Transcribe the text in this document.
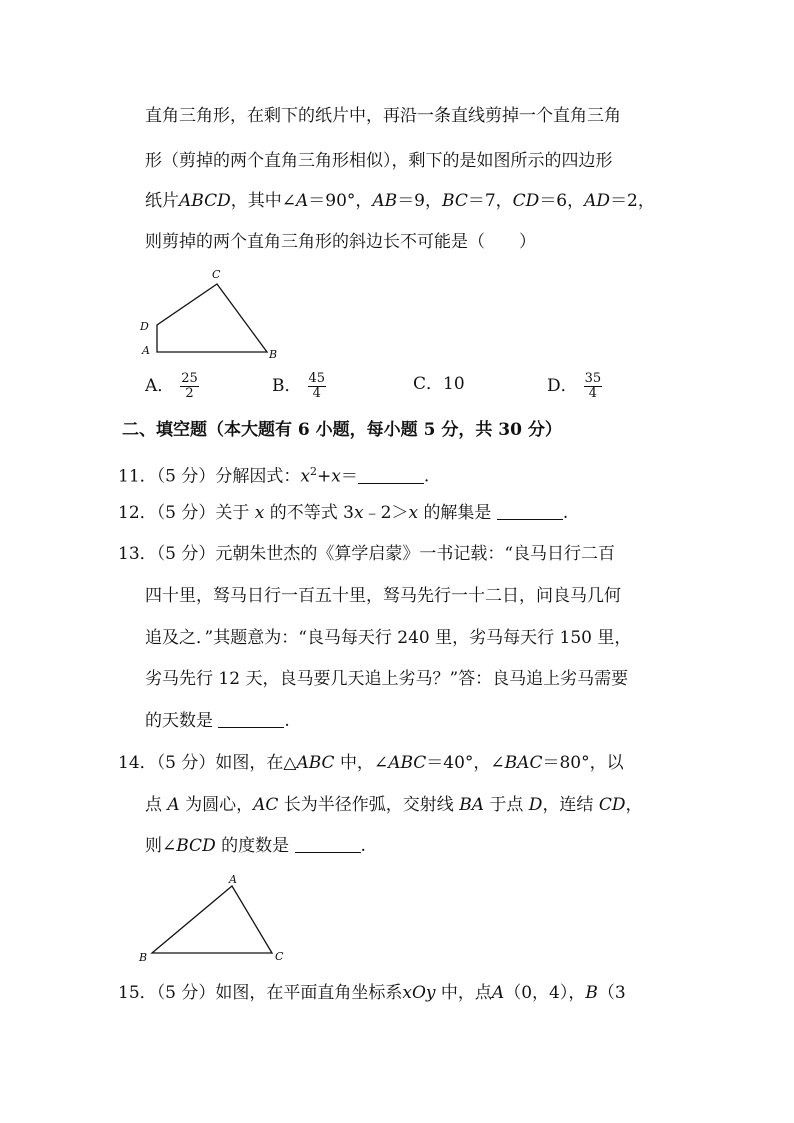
直角三角形，在剩下的纸片中，再沿一条直线剪掉一个直角三角
形（剪掉的两个直角三角形相似），剩下的是如图所示的四边形
纸片ABCD，其中∠A＝90°，AB＝9，BC＝7，CD＝6，AD＝2，
则剪掉的两个直角三角形的斜边长不可能是（　　）
C
D
A	B
A． $\frac{25}{2}$	B． $\frac{45}{4}$	C．10	D． $\frac{35}{4}$
二、填空题（本大题有 6 小题，每小题 5 分，共 30 分）
11．（5 分）分解因式：$x^2+x=$	.
12．（5 分）关于 x 的不等式 3x﹣2＞x 的解集是	.
13．（5 分）元朝朱世杰的《算学启蒙》一书记载：“良马日行二百
四十里，驽马日行一百五十里，驽马先行一十二日，问良马几何
追及之．”其题意为：“良马每天行 240 里，劣马每天行 150 里，
劣马先行 12 天，良马要几天追上劣马？”答：良马追上劣马需要
的天数是	.
14．（5 分）如图，在△ABC 中，∠ABC＝40°，∠BAC＝80°，以
点 A 为圆心，AC 长为半径作弧，交射线 BA 于点 D，连结 CD，
则∠BCD 的度数是	.
A
B	C
15．（5 分）如图，在平面直角坐标系xOy 中，点A（0，4），B（3
